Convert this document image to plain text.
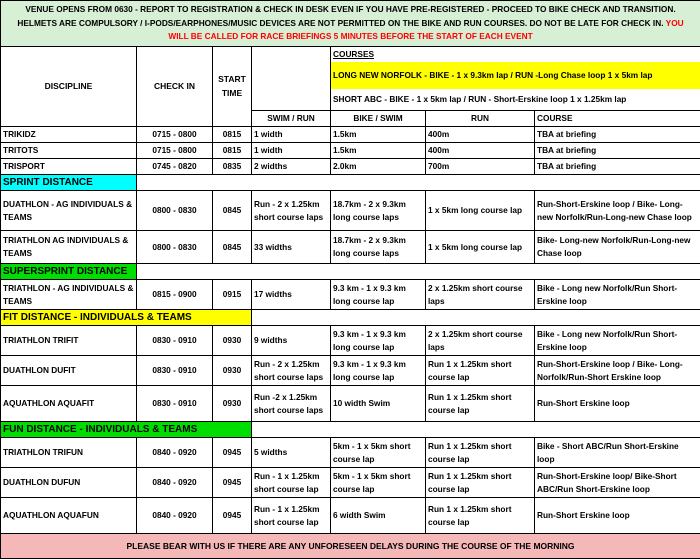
VENUE OPENS FROM 0630 - REPORT TO REGISTRATION & CHECK IN DESK EVEN IF YOU HAVE PRE-REGISTERED - PROCEED TO BIKE CHECK AND TRANSITION.
HELMETS ARE COMPULSORY / I-PODS/EARPHONES/MUSIC DEVICES ARE NOT PERMITTED ON THE BIKE AND RUN COURSES. DO NOT BE LATE FOR CHECK IN. YOU
WILL BE CALLED FOR RACE BRIEFINGS 5 MINUTES BEFORE THE START OF EACH EVENT						

DISCIPLINE	CHECK IN	START TIME		COURSES		
				LONG NEW NORFOLK - BIKE - 1 x 9.3km lap / RUN -Long Chase loop 1 x 5km lap		
				SHORT ABC - BIKE - 1 x 5km lap / RUN - Short-Erskine loop 1 x 1.25km lap		
			SWIM / RUN	BIKE / SWIM	RUN	COURSE
TRIKIDZ	0715 - 0800	0815	1 width	1.5km	400m	TBA at briefing
TRITOTS	0715 - 0800	0815	1 width	1.5km	400m	TBA at briefing
TRISPORT	0745 - 0820	0835	2 widths	2.0km	700m	TBA at briefing
SPRINT DISTANCE						
DUATHLON - AG INDIVIDUALS & TEAMS	0800 - 0830	0845	Run - 2 x 1.25km short course laps	18.7km - 2 x 9.3km long course laps	1 x 5km long course lap	Run-Short-Erskine loop / Bike- Long-new Norfolk/Run-Long-new Chase loop
TRIATHLON AG INDIVIDUALS & TEAMS	0800 - 0830	0845	33 widths	18.7km - 2 x 9.3km long course laps	1 x 5km long course lap	Bike- Long-new Norfolk/Run-Long-new Chase loop
SUPERSPRINT DISTANCE						
TRIATHLON - AG INDIVIDUALS & TEAMS	0815 - 0900	0915	17 widths	9.3 km - 1 x 9.3 km long course lap	2 x 1.25km short course laps	Bike - Long new Norfolk/Run Short-Erskine loop
FIT DISTANCE - INDIVIDUALS & TEAMS						
TRIATHLON TRIFIT	0830 - 0910	0930	9 widths	9.3 km - 1 x 9.3 km long course lap	2 x 1.25km short course laps	Bike - Long new Norfolk/Run Short-Erskine loop
DUATHLON DUFIT	0830 - 0910	0930	Run - 2 x 1.25km short course laps	9.3 km - 1 x 9.3 km long course lap	Run 1 x 1.25km short course lap	Run-Short-Erskine loop / Bike- Long-Norfolk/Run-Short Erskine loop
AQUATHLON AQUAFIT	0830 - 0910	0930	Run -2 x 1.25km short course laps	10 width Swim	Run 1 x 1.25km short course lap	Run-Short Erskine loop
FUN DISTANCE - INDIVIDUALS & TEAMS						
TRIATHLON TRIFUN	0840 - 0920	0945	5 widths	5km - 1 x 5km short course lap	Run 1 x 1.25km short course lap	Bike - Short ABC/Run Short-Erskine loop
DUATHLON DUFUN	0840 - 0920	0945	Run - 1 x 1.25km short course lap	5km - 1 x 5km short course lap	Run 1 x 1.25km short course lap	Run-Short-Erskine loop/ Bike-Short ABC/Run Short-Erskine loop
AQUATHLON AQUAFUN	0840 - 0920	0945	Run - 1 x 1.25km short course lap	6 width Swim	Run 1 x 1.25km short course lap	Run-Short Erskine loop
PLEASE BEAR WITH US IF THERE ARE ANY UNFORESEEN DELAYS DURING THE COURSE OF THE MORNING						
